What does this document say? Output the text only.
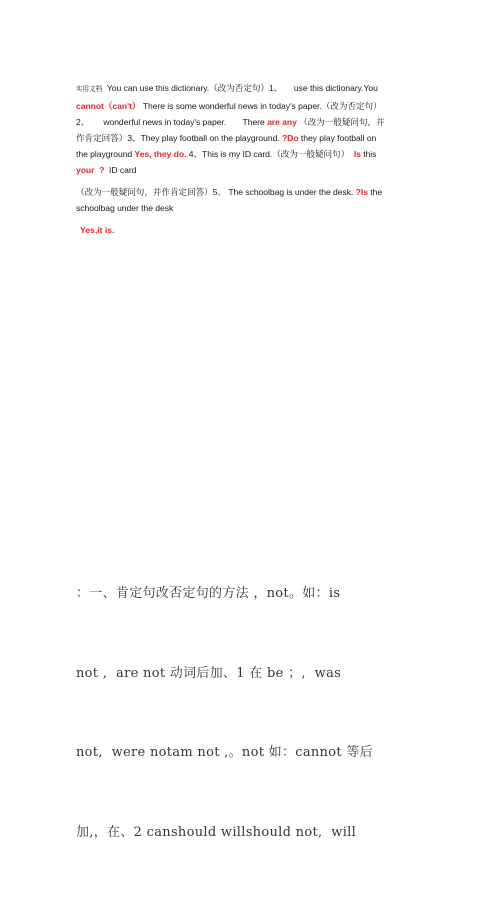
实用文档 You can use this dictionary.（改为否定句）1、     use this dictionary.You
cannot（can't） There is some wonderful news in today's paper.（改为否定句）
2、      wonderful news in today's paper. There are any （改为一般疑问句，并
作肯定回答）3、They play football on the playground. ?Do they play football on
the playground Yes, they do. 4、This is my ID card.（改为一般疑问句） Is this
your ?  ID card

（改为一般疑问句，并作肯定回答）5、 The schoolbag is under the desk. ?Is the
schoolbag under the desk

Yes,it is.

：一、肯定句改否定句的方法 ，not。如：is

not ,  are not 动词后加、1 在 be ；,  was

not,  were notam not ,。not 如：cannot 等后

加,，在、2 canshould willshould not,  will
